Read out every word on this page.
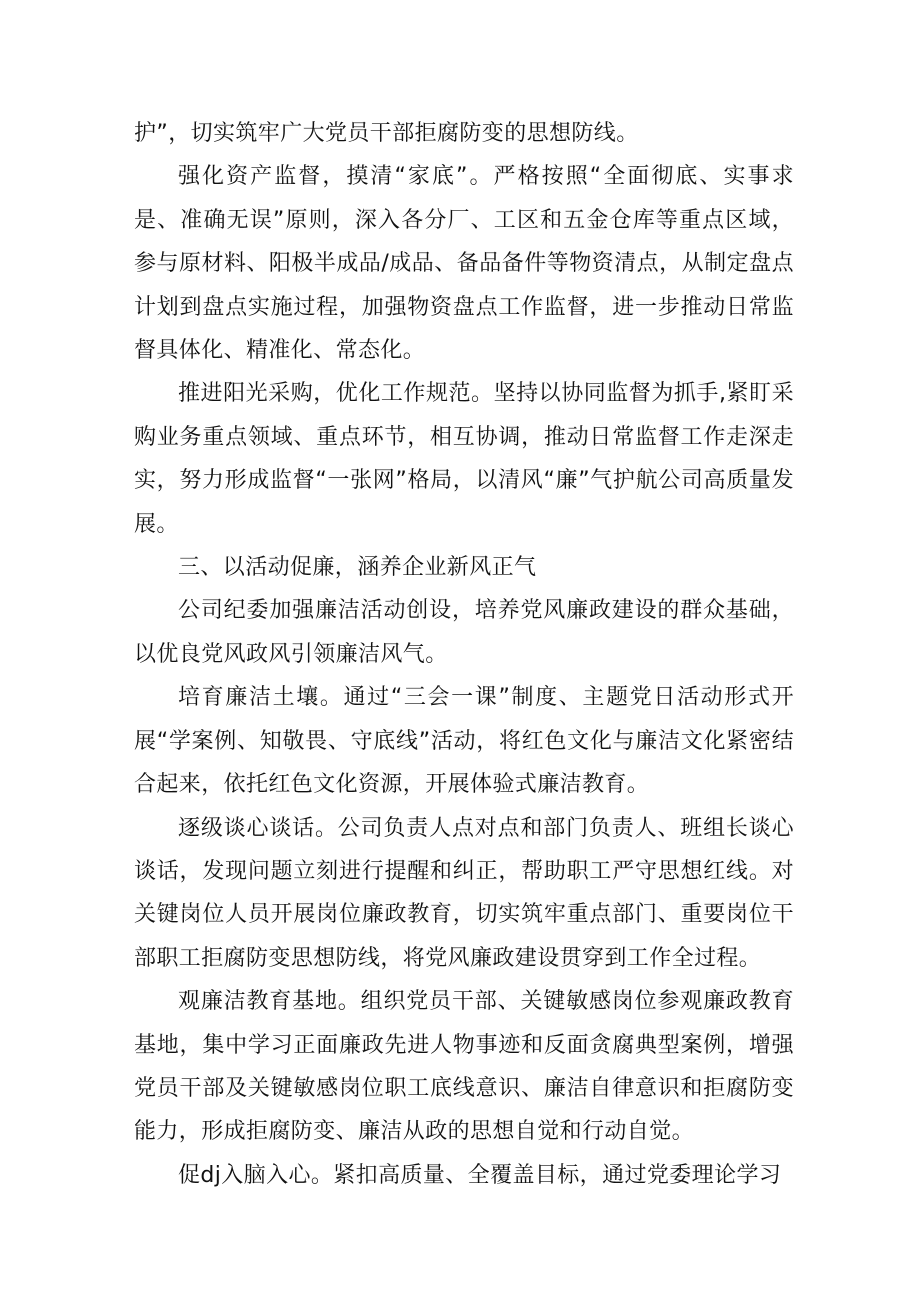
护”，切实筑牢广大党员干部拒腐防变的思想防线。

强化资产监督，摸清“家底”。严格按照“全面彻底、实事求是、准确无误”原则，深入各分厂、工区和五金仓库等重点区域，参与原材料、阳极半成品/成品、备品备件等物资清点，从制定盘点计划到盘点实施过程，加强物资盘点工作监督，进一步推动日常监督具体化、精准化、常态化。

推进阳光采购，优化工作规范。坚持以协同监督为抓手,紧盯采购业务重点领域、重点环节，相互协调，推动日常监督工作走深走实，努力形成监督“一张网”格局，以清风“廉”气护航公司高质量发展。

三、以活动促廉，涵养企业新风正气

公司纪委加强廉洁活动创设，培养党风廉政建设的群众基础，以优良党风政风引领廉洁风气。

培育廉洁土壤。通过“三会一课”制度、主题党日活动形式开展“学案例、知敬畏、守底线”活动，将红色文化与廉洁文化紧密结合起来，依托红色文化资源，开展体验式廉洁教育。

逐级谈心谈话。公司负责人点对点和部门负责人、班组长谈心谈话，发现问题立刻进行提醒和纠正，帮助职工严守思想红线。对关键岗位人员开展岗位廉政教育，切实筑牢重点部门、重要岗位干部职工拒腐防变思想防线，将党风廉政建设贯穿到工作全过程。

观廉洁教育基地。组织党员干部、关键敏感岗位参观廉政教育基地，集中学习正面廉政先进人物事迹和反面贪腐典型案例，增强党员干部及关键敏感岗位职工底线意识、廉洁自律意识和拒腐防变能力，形成拒腐防变、廉洁从政的思想自觉和行动自觉。

促dj入脑入心。紧扣高质量、全覆盖目标，通过党委理论学习
